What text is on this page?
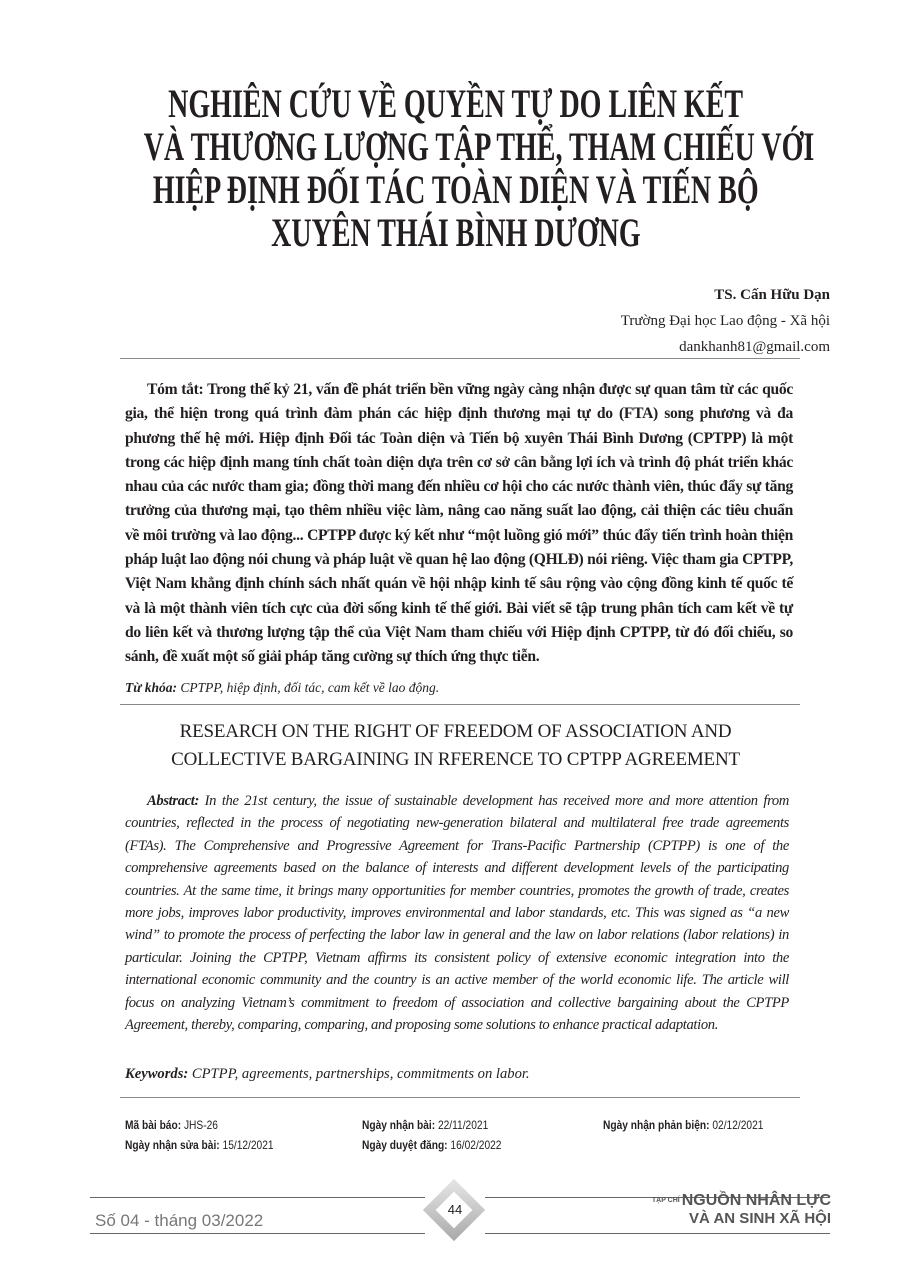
NGHIÊN CỨU VỀ QUYỀN TỰ DO LIÊN KẾT
VÀ THƯƠNG LƯỢNG TẬP THỂ, THAM CHIẾU VỚI
HIỆP ĐỊNH ĐỐI TÁC TOÀN DIỆN VÀ TIẾN BỘ
XUYÊN THÁI BÌNH DƯƠNG
TS. Cấn Hữu Dạn
Trường Đại học Lao động - Xã hội
dankhanh81@gmail.com
Tóm tắt: Trong thế kỷ 21, vấn đề phát triển bền vững ngày càng nhận được sự quan tâm từ các quốc gia, thể hiện trong quá trình đàm phán các hiệp định thương mại tự do (FTA) song phương và đa phương thế hệ mới. Hiệp định Đối tác Toàn diện và Tiến bộ xuyên Thái Bình Dương (CPTPP) là một trong các hiệp định mang tính chất toàn diện dựa trên cơ sở cân bằng lợi ích và trình độ phát triển khác nhau của các nước tham gia; đồng thời mang đến nhiều cơ hội cho các nước thành viên, thúc đẩy sự tăng trưởng của thương mại, tạo thêm nhiều việc làm, nâng cao năng suất lao động, cải thiện các tiêu chuẩn về môi trường và lao động... CPTPP được ký kết như “một luồng gió mới” thúc đẩy tiến trình hoàn thiện pháp luật lao động nói chung và pháp luật về quan hệ lao động (QHLĐ) nói riêng. Việc tham gia CPTPP, Việt Nam khẳng định chính sách nhất quán về hội nhập kinh tế sâu rộng vào cộng đồng kinh tế quốc tế và là một thành viên tích cực của đời sống kinh tế thế giới. Bài viết sẽ tập trung phân tích cam kết về tự do liên kết và thương lượng tập thể của Việt Nam tham chiếu với Hiệp định CPTPP, từ đó đối chiếu, so sánh, đề xuất một số giải pháp tăng cường sự thích ứng thực tiễn.
Từ khóa: CPTPP, hiệp định, đối tác, cam kết về lao động.
RESEARCH ON THE RIGHT OF FREEDOM OF ASSOCIATION AND
COLLECTIVE BARGAINING IN RFERENCE TO CPTPP AGREEMENT
Abstract: In the 21st century, the issue of sustainable development has received more and more attention from countries, reflected in the process of negotiating new-generation bilateral and multilateral free trade agreements (FTAs). The Comprehensive and Progressive Agreement for Trans-Pacific Partnership (CPTPP) is one of the comprehensive agreements based on the balance of interests and different development levels of the participating countries. At the same time, it brings many opportunities for member countries, promotes the growth of trade, creates more jobs, improves labor productivity, improves environmental and labor standards, etc. This was signed as “a new wind” to promote the process of perfecting the labor law in general and the law on labor relations (labor relations) in particular. Joining the CPTPP, Vietnam affirms its consistent policy of extensive economic integration into the international economic community and the country is an active member of the world economic life. The article will focus on analyzing Vietnam’s commitment to freedom of association and collective bargaining about the CPTPP Agreement, thereby, comparing, comparing, and proposing some solutions to enhance practical adaptation.
Keywords: CPTPP, agreements, partnerships, commitments on labor.
Mã bài báo: JHS-26	Ngày nhận bài: 22/11/2021	Ngày nhận phản biện: 02/12/2021
Ngày nhận sửa bài: 15/12/2021	Ngày duyệt đăng: 16/02/2022
Số 04 - tháng 03/2022
44
$^{TẠP CHÍ}$ NGUỒN NHÂN LỰC
VÀ AN SINH XÃ HỘI
